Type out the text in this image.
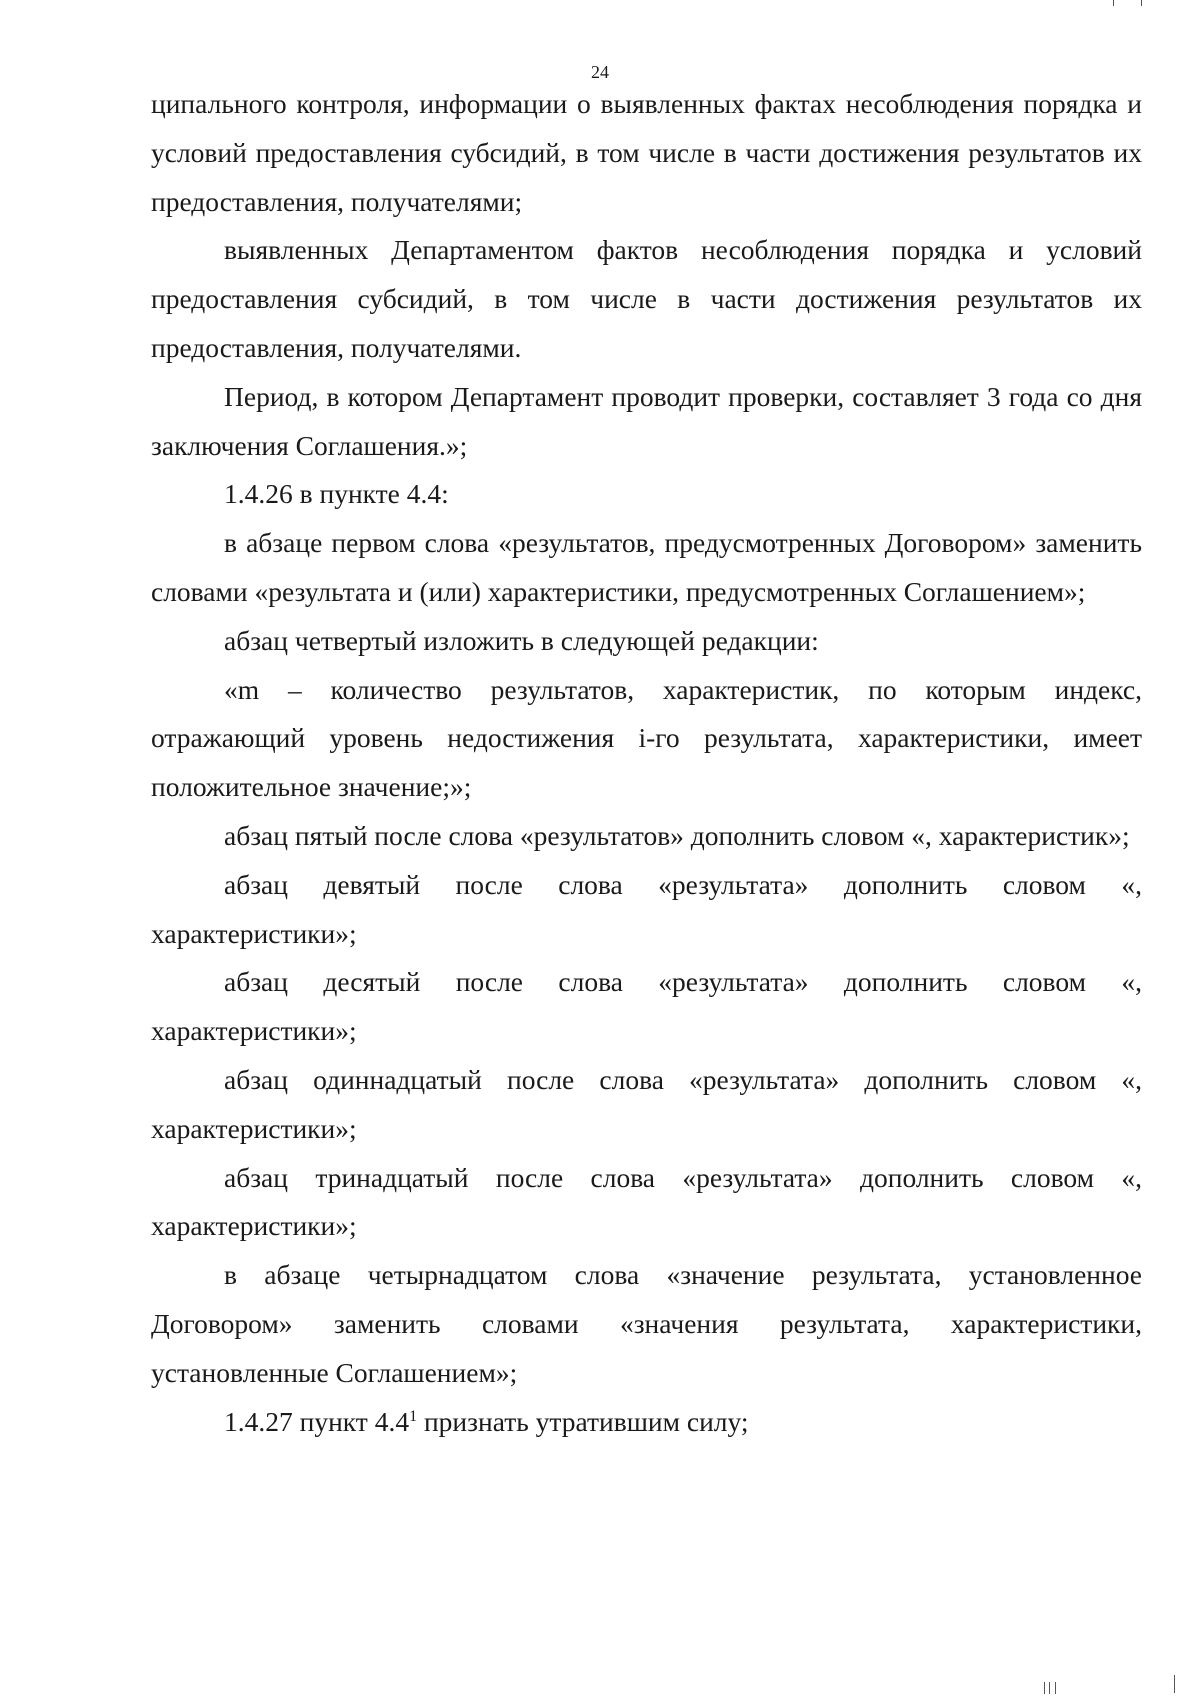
24

ципального контроля, информации о выявленных фактах несоблюдения порядка и условий предоставления субсидий, в том числе в части достижения результатов их предоставления, получателями;

выявленных Департаментом фактов несоблюдения порядка и условий предоставления субсидий, в том числе в части достижения результатов их предоставления, получателями.

Период, в котором Департамент проводит проверки, составляет 3 года со дня заключения Соглашения.»;

1.4.26 в пункте 4.4:

в абзаце первом слова «результатов, предусмотренных Договором» заменить словами «результата и (или) характеристики, предусмотренных Соглашением»;

абзац четвертый изложить в следующей редакции:

«m – количество результатов, характеристик, по которым индекс, отражающий уровень недостижения i-го результата, характеристики, имеет положительное значение;»;

абзац пятый после слова «результатов» дополнить словом «, характеристик»;

абзац девятый после слова «результата» дополнить словом «, характеристики»;

абзац десятый после слова «результата» дополнить словом «, характеристики»;

абзац одиннадцатый после слова «результата» дополнить словом «, характеристики»;

абзац тринадцатый после слова «результата» дополнить словом «, характеристики»;

в абзаце четырнадцатом слова «значение результата, установленное Договором» заменить словами «значения результата, характеристики, установленные Соглашением»;

1.4.27 пункт $4.4^1$ признать утратившим силу;
